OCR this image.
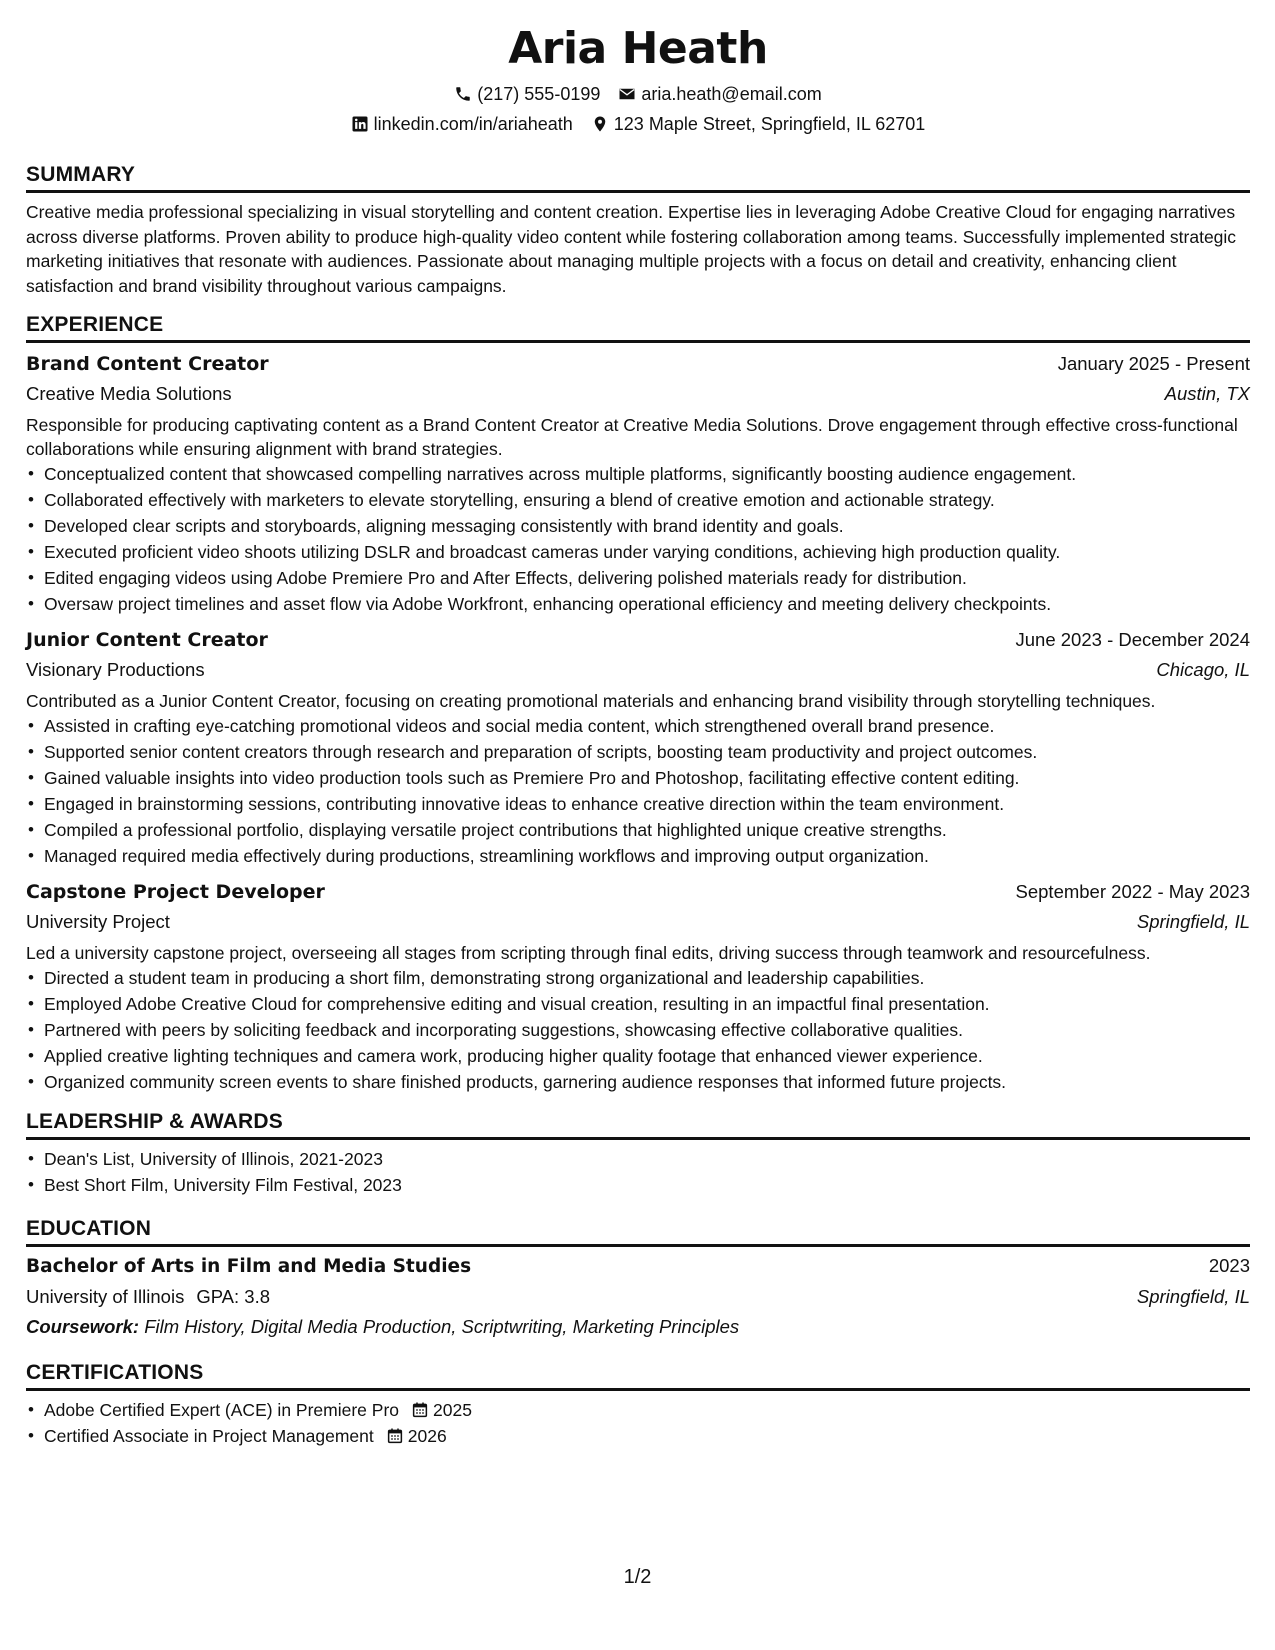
Aria Heath
(217) 555-0199 aria.heath@email.com
linkedin.com/in/ariaheath 123 Maple Street, Springfield, IL 62701
SUMMARY
Creative media professional specializing in visual storytelling and content creation. Expertise lies in leveraging Adobe Creative Cloud for engaging narratives across diverse platforms. Proven ability to produce high-quality video content while fostering collaboration among teams. Successfully implemented strategic marketing initiatives that resonate with audiences. Passionate about managing multiple projects with a focus on detail and creativity, enhancing client satisfaction and brand visibility throughout various campaigns.
EXPERIENCE
Brand Content Creator	January 2025 - Present
Creative Media Solutions	Austin, TX
Responsible for producing captivating content as a Brand Content Creator at Creative Media Solutions. Drove engagement through effective cross-functional collaborations while ensuring alignment with brand strategies.
• Conceptualized content that showcased compelling narratives across multiple platforms, significantly boosting audience engagement.
• Collaborated effectively with marketers to elevate storytelling, ensuring a blend of creative emotion and actionable strategy.
• Developed clear scripts and storyboards, aligning messaging consistently with brand identity and goals.
• Executed proficient video shoots utilizing DSLR and broadcast cameras under varying conditions, achieving high production quality.
• Edited engaging videos using Adobe Premiere Pro and After Effects, delivering polished materials ready for distribution.
• Oversaw project timelines and asset flow via Adobe Workfront, enhancing operational efficiency and meeting delivery checkpoints.
Junior Content Creator	June 2023 - December 2024
Visionary Productions	Chicago, IL
Contributed as a Junior Content Creator, focusing on creating promotional materials and enhancing brand visibility through storytelling techniques.
• Assisted in crafting eye-catching promotional videos and social media content, which strengthened overall brand presence.
• Supported senior content creators through research and preparation of scripts, boosting team productivity and project outcomes.
• Gained valuable insights into video production tools such as Premiere Pro and Photoshop, facilitating effective content editing.
• Engaged in brainstorming sessions, contributing innovative ideas to enhance creative direction within the team environment.
• Compiled a professional portfolio, displaying versatile project contributions that highlighted unique creative strengths.
• Managed required media effectively during productions, streamlining workflows and improving output organization.
Capstone Project Developer	September 2022 - May 2023
University Project	Springfield, IL
Led a university capstone project, overseeing all stages from scripting through final edits, driving success through teamwork and resourcefulness.
• Directed a student team in producing a short film, demonstrating strong organizational and leadership capabilities.
• Employed Adobe Creative Cloud for comprehensive editing and visual creation, resulting in an impactful final presentation.
• Partnered with peers by soliciting feedback and incorporating suggestions, showcasing effective collaborative qualities.
• Applied creative lighting techniques and camera work, producing higher quality footage that enhanced viewer experience.
• Organized community screen events to share finished products, garnering audience responses that informed future projects.
LEADERSHIP & AWARDS
• Dean's List, University of Illinois, 2021-2023
• Best Short Film, University Film Festival, 2023
EDUCATION
Bachelor of Arts in Film and Media Studies	2023
University of Illinois GPA: 3.8	Springfield, IL
Coursework: Film History, Digital Media Production, Scriptwriting, Marketing Principles
CERTIFICATIONS
• Adobe Certified Expert (ACE) in Premiere Pro 2025
• Certified Associate in Project Management 2026
1/2
